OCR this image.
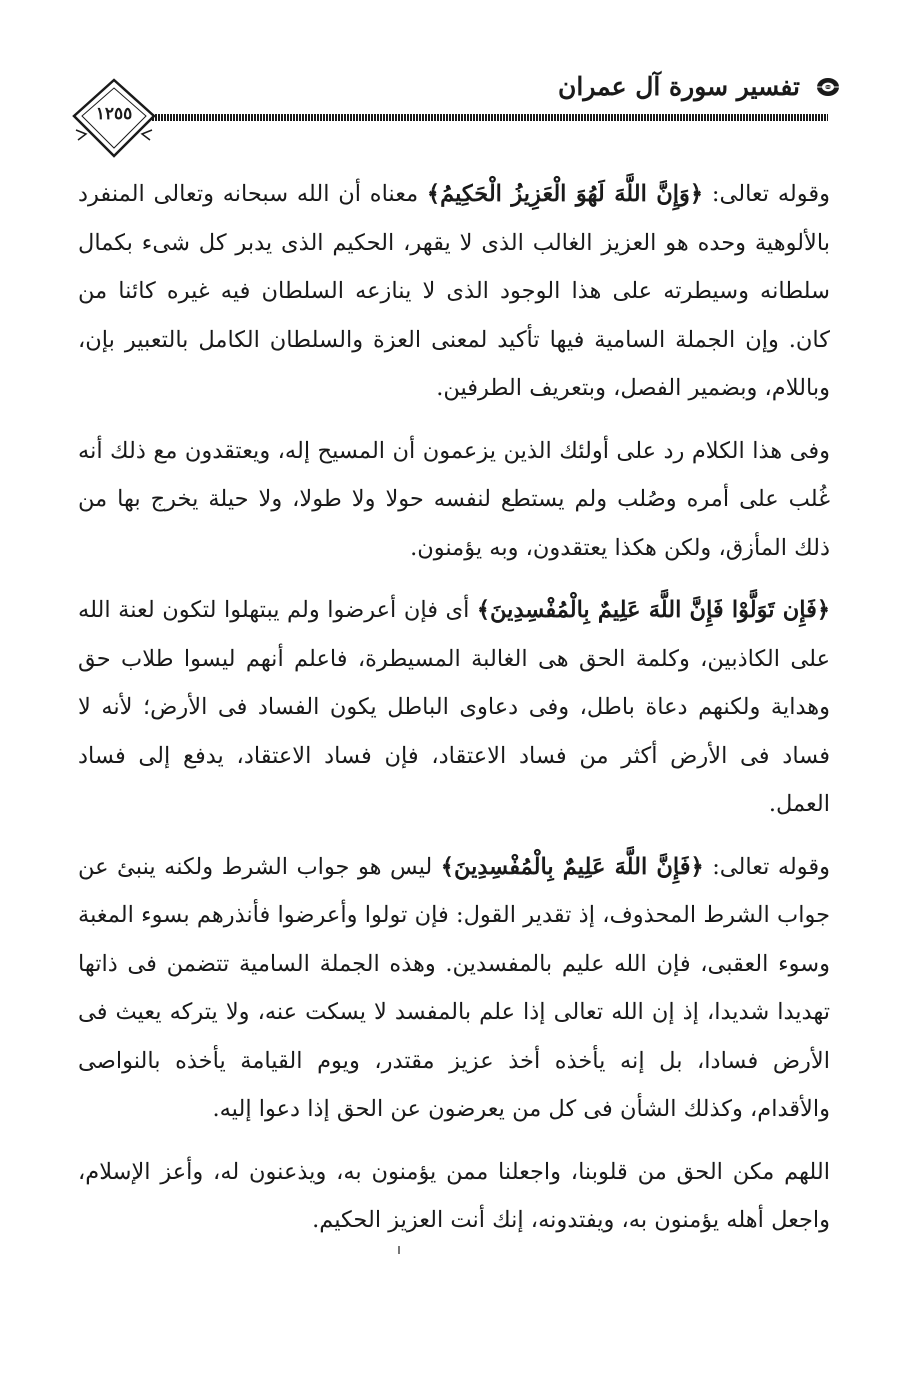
تفسير سورة آل عمران
١٢٥٥

وقوله تعالى: ﴿وَإِنَّ اللَّهَ لَهُوَ الْعَزِيزُ الْحَكِيمُ﴾ معناه أن الله سبحانه وتعالى المنفرد بالألوهية وحده هو العزيز الغالب الذى لا يقهر، الحكيم الذى يدبر كل شىء بكمال سلطانه وسيطرته على هذا الوجود الذى لا ينازعه السلطان فيه غيره كائنا من كان. وإن الجملة السامية فيها تأكيد لمعنى العزة والسلطان الكامل بالتعبير بإن، وباللام، وبضمير الفصل، وبتعريف الطرفين.

وفى هذا الكلام رد على أولئك الذين يزعمون أن المسيح إله، ويعتقدون مع ذلك أنه غُلب على أمره وصُلب ولم يستطع لنفسه حولا ولا طولا، ولا حيلة يخرج بها من ذلك المأزق، ولكن هكذا يعتقدون، وبه يؤمنون.

﴿فَإِن تَوَلَّوْا فَإِنَّ اللَّهَ عَلِيمٌ بِالْمُفْسِدِينَ﴾ أى فإن أعرضوا ولم يبتهلوا لتكون لعنة الله على الكاذبين، وكلمة الحق هى الغالبة المسيطرة، فاعلم أنهم ليسوا طلاب حق وهداية ولكنهم دعاة باطل، وفى دعاوى الباطل يكون الفساد فى الأرض؛ لأنه لا فساد فى الأرض أكثر من فساد الاعتقاد، فإن فساد الاعتقاد، يدفع إلى فساد العمل.

وقوله تعالى: ﴿فَإِنَّ اللَّهَ عَلِيمٌ بِالْمُفْسِدِينَ﴾ ليس هو جواب الشرط ولكنه ينبئ عن جواب الشرط المحذوف، إذ تقدير القول: فإن تولوا وأعرضوا فأنذرهم بسوء المغبة وسوء العقبى، فإن الله عليم بالمفسدين. وهذه الجملة السامية تتضمن فى ذاتها تهديدا شديدا، إذ إن الله تعالى إذا علم بالمفسد لا يسكت عنه، ولا يتركه يعيث فى الأرض فسادا، بل إنه يأخذه أخذ عزيز مقتدر، ويوم القيامة يأخذه بالنواصى والأقدام، وكذلك الشأن فى كل من يعرضون عن الحق إذا دعوا إليه.

اللهم مكن الحق من قلوبنا، واجعلنا ممن يؤمنون به، ويذعنون له، وأعز الإسلام، واجعل أهله يؤمنون به، ويفتدونه، إنك أنت العزيز الحكيم.
